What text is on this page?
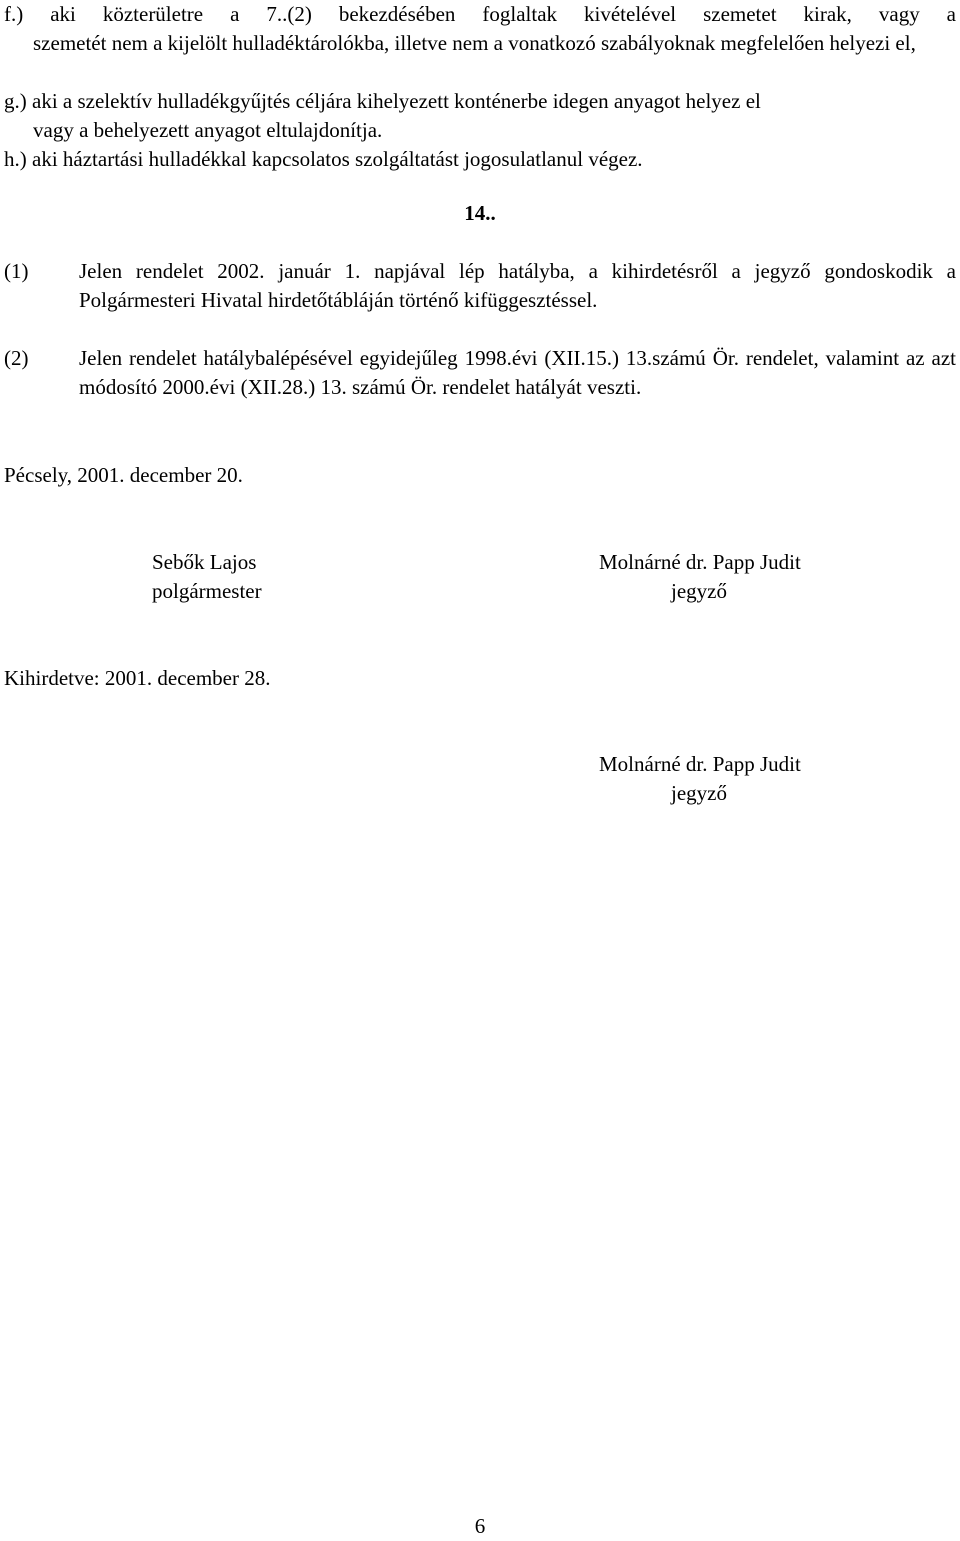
f.) aki közterületre a 7..(2) bekezdésében foglaltak kivételével szemetet kirak, vagy a
szemetét nem a kijelölt hulladéktárolókba, illetve nem a vonatkozó szabályoknak megfelelően helyezi el,
g.) aki a szelektív hulladékgyűjtés céljára kihelyezett konténerbe idegen anyagot helyez el
vagy a behelyezett anyagot eltulajdonítja.
h.) aki háztartási hulladékkal kapcsolatos szolgáltatást jogosulatlanul végez.
14..
(1) Jelen rendelet 2002. január 1. napjával lép hatályba, a kihirdetésről a jegyző gondoskodik a Polgármesteri Hivatal hirdetőtábláján történő kifüggesztéssel.
(2) Jelen rendelet hatálybalépésével egyidejűleg 1998.évi (XII.15.) 13.számú Ör. rendelet, valamint az azt módosító 2000.évi (XII.28.) 13. számú Ör. rendelet hatályát veszti.
Pécsely, 2001. december 20.
Sebők Lajos
polgármester
Molnárné dr. Papp Judit
jegyző
Kihirdetve: 2001. december 28.
Molnárné dr. Papp Judit
jegyző
6
